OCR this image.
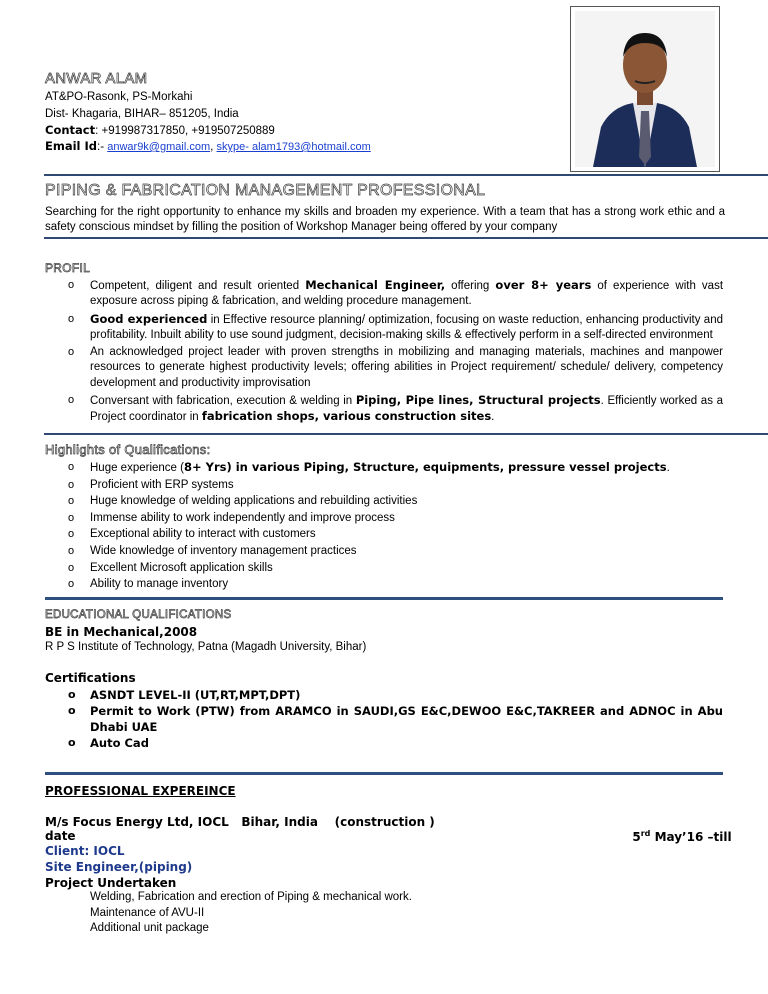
ANWAR ALAM
AT&PO-Rasonk, PS-Morkahi
Dist- Khagaria, BIHAR– 851205, India
Contact: +919987317850, +919507250889
Email Id:- anwar9k@gmail.com, skype- alam1793@hotmail.com
PIPING & FABRICATION MANAGEMENT PROFESSIONAL
Searching for the right opportunity to enhance my skills and broaden my experience. With a team that has a strong work ethic and a safety conscious mindset by filling the position of Workshop Manager being offered by your company
PROFIL
o Competent, diligent and result oriented Mechanical Engineer, offering over 8+ years of experience with vast exposure across piping & fabrication, and welding procedure management.
o Good experienced in Effective resource planning/ optimization, focusing on waste reduction, enhancing productivity and profitability. Inbuilt ability to use sound judgment, decision-making skills & effectively perform in a self-directed environment
o An acknowledged project leader with proven strengths in mobilizing and managing materials, machines and manpower resources to generate highest productivity levels; offering abilities in Project requirement/ schedule/ delivery, competency development and productivity improvisation
o Conversant with fabrication, execution & welding in Piping, Pipe lines, Structural projects. Efficiently worked as a Project coordinator in fabrication shops, various construction sites.
Highlights of Qualifications:
o Huge experience (8+ Yrs) in various Piping, Structure, equipments, pressure vessel projects.
o Proficient with ERP systems
o Huge knowledge of welding applications and rebuilding activities
o Immense ability to work independently and improve process
o Exceptional ability to interact with customers
o Wide knowledge of inventory management practices
o Excellent Microsoft application skills
o Ability to manage inventory
EDUCATIONAL QUALIFICATIONS
BE in Mechanical,2008
R P S Institute of Technology, Patna (Magadh University, Bihar)
Certifications
o ASNDT LEVEL-II (UT,RT,MPT,DPT)
o Permit to Work (PTW) from ARAMCO in SAUDI,GS E&C,DEWOO E&C,TAKREER and ADNOC in Abu Dhabi UAE
o Auto Cad
PROFESSIONAL EXPEREINCE
M/s Focus Energy Ltd, IOCL   Bihar, India    (construction )

5rd May’16 –till

date
Client: IOCL
Site Engineer,(piping)
Project Undertaken
Welding, Fabrication and erection of Piping & mechanical work.
Maintenance of AVU-II
Additional unit package
